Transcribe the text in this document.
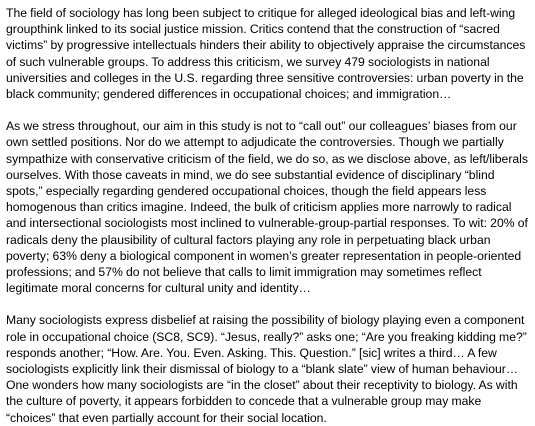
The field of sociology has long been subject to critique for alleged ideological bias and left-wing groupthink linked to its social justice mission. Critics contend that the construction of “sacred victims” by progressive intellectuals hinders their ability to objectively appraise the circumstances of such vulnerable groups. To address this criticism, we survey 479 sociologists in national universities and colleges in the U.S. regarding three sensitive controversies: urban poverty in the black community; gendered differences in occupational choices; and immigration…

As we stress throughout, our aim in this study is not to “call out” our colleagues’ biases from our own settled positions. Nor do we attempt to adjudicate the controversies. Though we partially sympathize with conservative criticism of the field, we do so, as we disclose above, as left/liberals ourselves. With those caveats in mind, we do see substantial evidence of disciplinary “blind spots,” especially regarding gendered occupational choices, though the field appears less homogenous than critics imagine. Indeed, the bulk of criticism applies more narrowly to radical and intersectional sociologists most inclined to vulnerable-group-partial responses. To wit: 20% of radicals deny the plausibility of cultural factors playing any role in perpetuating black urban poverty; 63% deny a biological component in women’s greater representation in people-oriented professions; and 57% do not believe that calls to limit immigration may sometimes reflect legitimate moral concerns for cultural unity and identity…

Many sociologists express disbelief at raising the possibility of biology playing even a component role in occupational choice (SC8, SC9). “Jesus, really?” asks one; “Are you freaking kidding me?” responds another; “How. Are. You. Even. Asking. This. Question.” [sic] writes a third… A few sociologists explicitly link their dismissal of biology to a “blank slate” view of human behaviour… One wonders how many sociologists are “in the closet” about their receptivity to biology. As with the culture of poverty, it appears forbidden to concede that a vulnerable group may make “choices” that even partially account for their social location.
